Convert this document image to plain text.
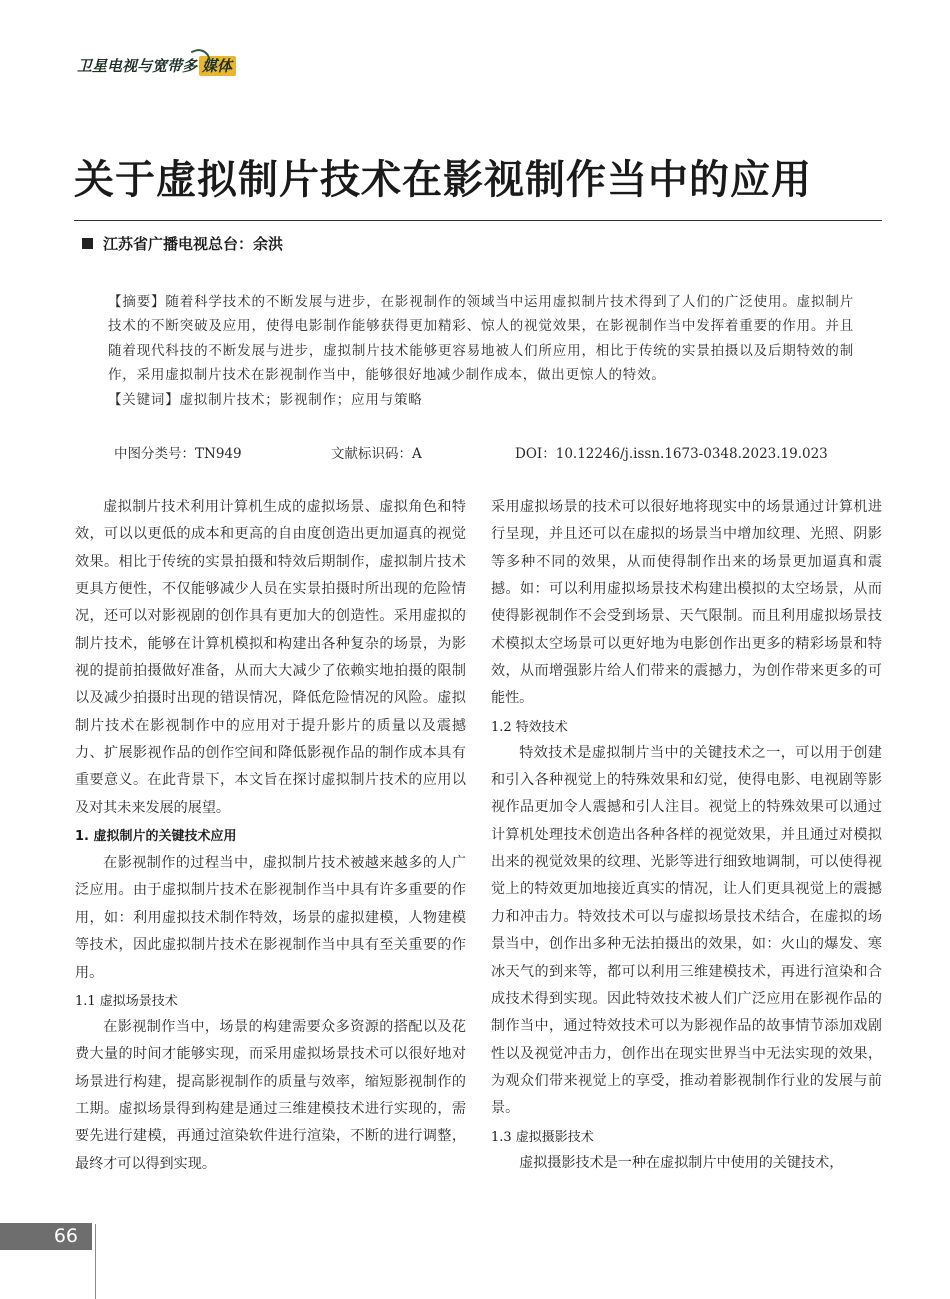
卫星电视与宽带多 媒体
关于虚拟制片技术在影视制作当中的应用
江苏省广播电视总台：余洪

【摘要】随着科学技术的不断发展与进步，在影视制作的领域当中运用虚拟制片技术得到了人们的广泛使用。虚拟制片技术的不断突破及应用，使得电影制作能够获得更加精彩、惊人的视觉效果，在影视制作当中发挥着重要的作用。并且随着现代科技的不断发展与进步，虚拟制片技术能够更容易地被人们所应用，相比于传统的实景拍摄以及后期特效的制作，采用虚拟制片技术在影视制作当中，能够很好地减少制作成本，做出更惊人的特效。

【关键词】虚拟制片技术；影视制作；应用与策略

中图分类号：TN949	文献标识码：A	DOI：10.12246/j.issn.1673-0348.2023.19.023

虚拟制片技术利用计算机生成的虚拟场景、虚拟角色和特效，可以以更低的成本和更高的自由度创造出更加逼真的视觉效果。相比于传统的实景拍摄和特效后期制作，虚拟制片技术更具方便性，不仅能够减少人员在实景拍摄时所出现的危险情况，还可以对影视剧的创作具有更加大的创造性。采用虚拟的制片技术，能够在计算机模拟和构建出各种复杂的场景，为影视的提前拍摄做好准备，从而大大减少了依赖实地拍摄的限制以及减少拍摄时出现的错误情况，降低危险情况的风险。虚拟制片技术在影视制作中的应用对于提升影片的质量以及震撼力、扩展影视作品的创作空间和降低影视作品的制作成本具有重要意义。在此背景下，本文旨在探讨虚拟制片技术的应用以及对其未来发展的展望。

1. 虚拟制片的关键技术应用

在影视制作的过程当中，虚拟制片技术被越来越多的人广泛应用。由于虚拟制片技术在影视制作当中具有许多重要的作用，如：利用虚拟技术制作特效，场景的虚拟建模，人物建模等技术，因此虚拟制片技术在影视制作当中具有至关重要的作用。

1.1 虚拟场景技术

在影视制作当中，场景的构建需要众多资源的搭配以及花费大量的时间才能够实现，而采用虚拟场景技术可以很好地对场景进行构建，提高影视制作的质量与效率，缩短影视制作的工期。虚拟场景得到构建是通过三维建模技术进行实现的，需要先进行建模，再通过渲染软件进行渲染，不断的进行调整，最终才可以得到实现。

采用虚拟场景的技术可以很好地将现实中的场景通过计算机进行呈现，并且还可以在虚拟的场景当中增加纹理、光照、阴影等多种不同的效果，从而使得制作出来的场景更加逼真和震撼。如：可以利用虚拟场景技术构建出模拟的太空场景，从而使得影视制作不会受到场景、天气限制。而且利用虚拟场景技术模拟太空场景可以更好地为电影创作出更多的精彩场景和特效，从而增强影片给人们带来的震撼力，为创作带来更多的可能性。

1.2 特效技术

特效技术是虚拟制片当中的关键技术之一，可以用于创建和引入各种视觉上的特殊效果和幻觉，使得电影、电视剧等影视作品更加令人震撼和引人注目。视觉上的特殊效果可以通过计算机处理技术创造出各种各样的视觉效果，并且通过对模拟出来的视觉效果的纹理、光影等进行细致地调制，可以使得视觉上的特效更加地接近真实的情况，让人们更具视觉上的震撼力和冲击力。特效技术可以与虚拟场景技术结合，在虚拟的场景当中，创作出多种无法拍摄出的效果，如：火山的爆发、寒冰天气的到来等，都可以利用三维建模技术，再进行渲染和合成技术得到实现。因此特效技术被人们广泛应用在影视作品的制作当中，通过特效技术可以为影视作品的故事情节添加戏剧性以及视觉冲击力，创作出在现实世界当中无法实现的效果，为观众们带来视觉上的享受，推动着影视制作行业的发展与前景。

1.3 虚拟摄影技术

虚拟摄影技术是一种在虚拟制片中使用的关键技术，

66
